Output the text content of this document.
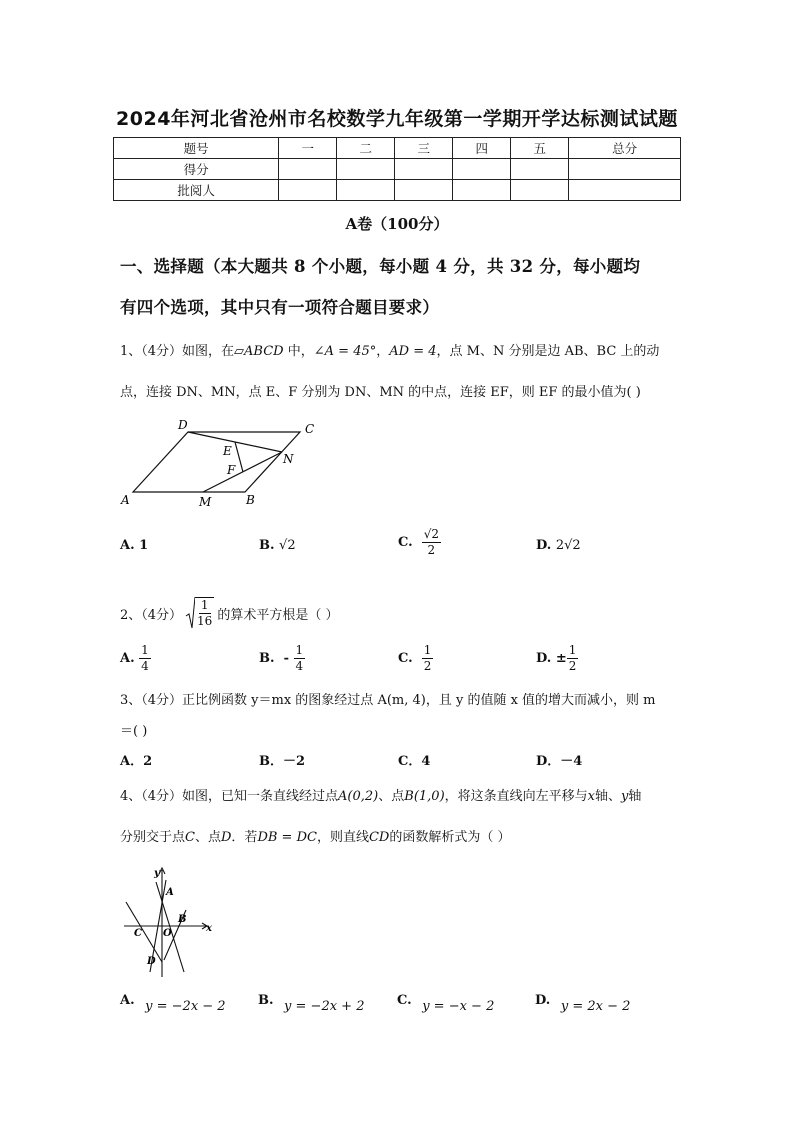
2024年河北省沧州市名校数学九年级第一学期开学达标测试试题
题号	一	二	三	四	五	总分
得分						
批阅人						
A卷（100分）
一、选择题（本大题共 8 个小题，每小题 4 分，共 32 分，每小题均
有四个选项，其中只有一项符合题目要求）
1、（4分）如图，在▱ABCD 中，∠A = 45°，AD = 4，点 M、N 分别是边 AB、BC 上的动
点，连接 DN、MN，点 E、F 分别为 DN、MN 的中点，连接 EF，则 EF 的最小值为( )
A	B
C
D
E
F
M
N
A. 1	B. √2	C. $\frac{√2}{2}$	D. 2√2
2、（4分） $\frac{1}{16}$ 的算术平方根是（ ）
A.
$\frac{1}{4}$	B.
-
$\frac{1}{4}$	C.
$\frac{1}{2}$	D.
± $\frac{1}{2}$
3、（4分）正比例函数 y＝mx 的图象经过点 A(m, 4)，且 y 的值随 x 值的增大而减小，则 m
＝( )
A．2	B．－2	C．4	D．－4
4、（4分）如图，已知一条直线经过点A(0,2)、点B(1,0)，将这条直线向左平移与x轴、y轴
分别交于点C、点D．若DB = DC，则直线CD的函数解析式为（ ）
y
x
A
B
C O
D
A. y = −2x − 2 B. y = −2x + 2	C. y = −x − 2	D. y = 2x − 2
